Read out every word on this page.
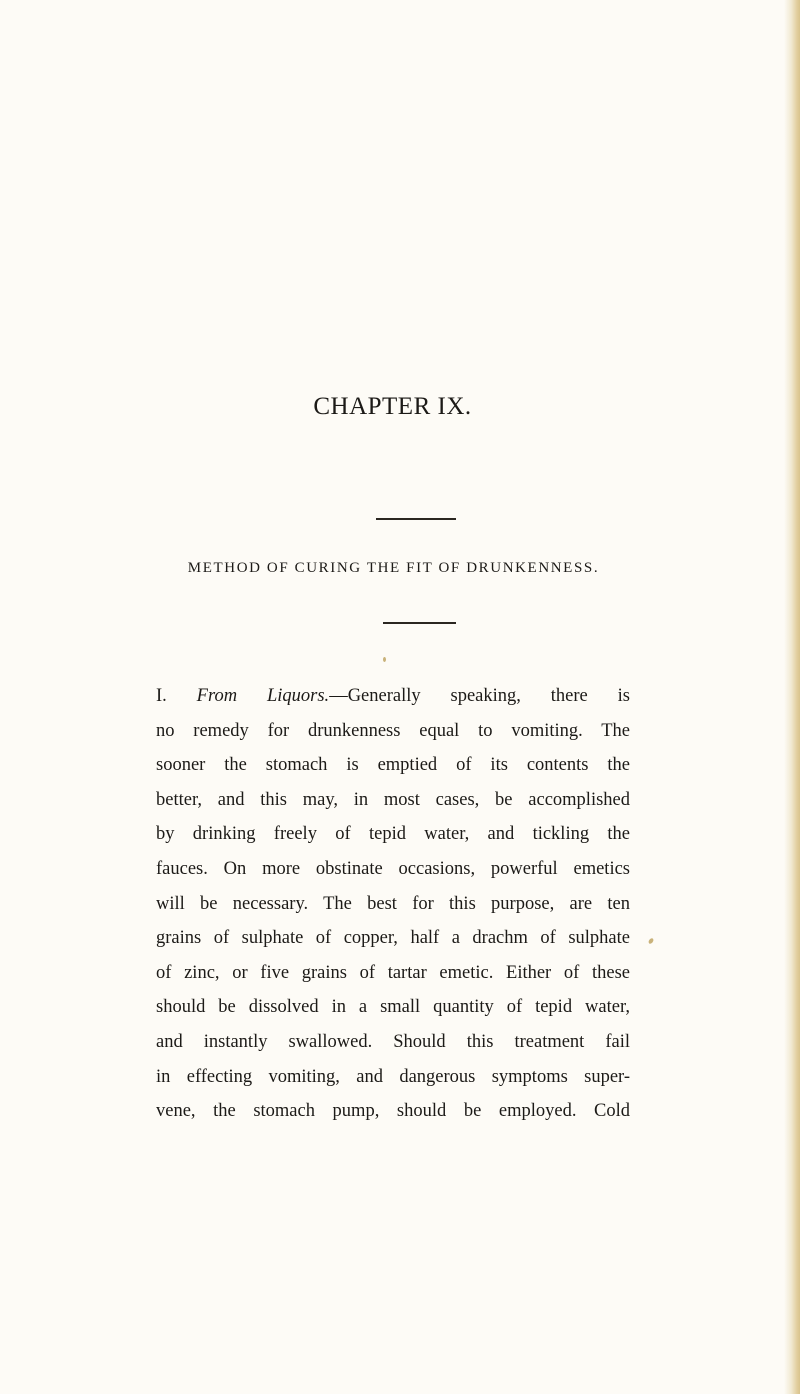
CHAPTER IX.
METHOD OF CURING THE FIT OF DRUNKENNESS.
I. From Liquors.—Generally speaking, there is
no remedy for drunkenness equal to vomiting. The
sooner the stomach is emptied of its contents the
better, and this may, in most cases, be accomplished
by drinking freely of tepid water, and tickling the
fauces. On more obstinate occasions, powerful emetics
will be necessary. The best for this purpose, are ten
grains of sulphate of copper, half a drachm of sulphate
of zinc, or five grains of tartar emetic. Either of these
should be dissolved in a small quantity of tepid water,
and instantly swallowed. Should this treatment fail
in effecting vomiting, and dangerous symptoms super-
vene, the stomach pump, should be employed. Cold
